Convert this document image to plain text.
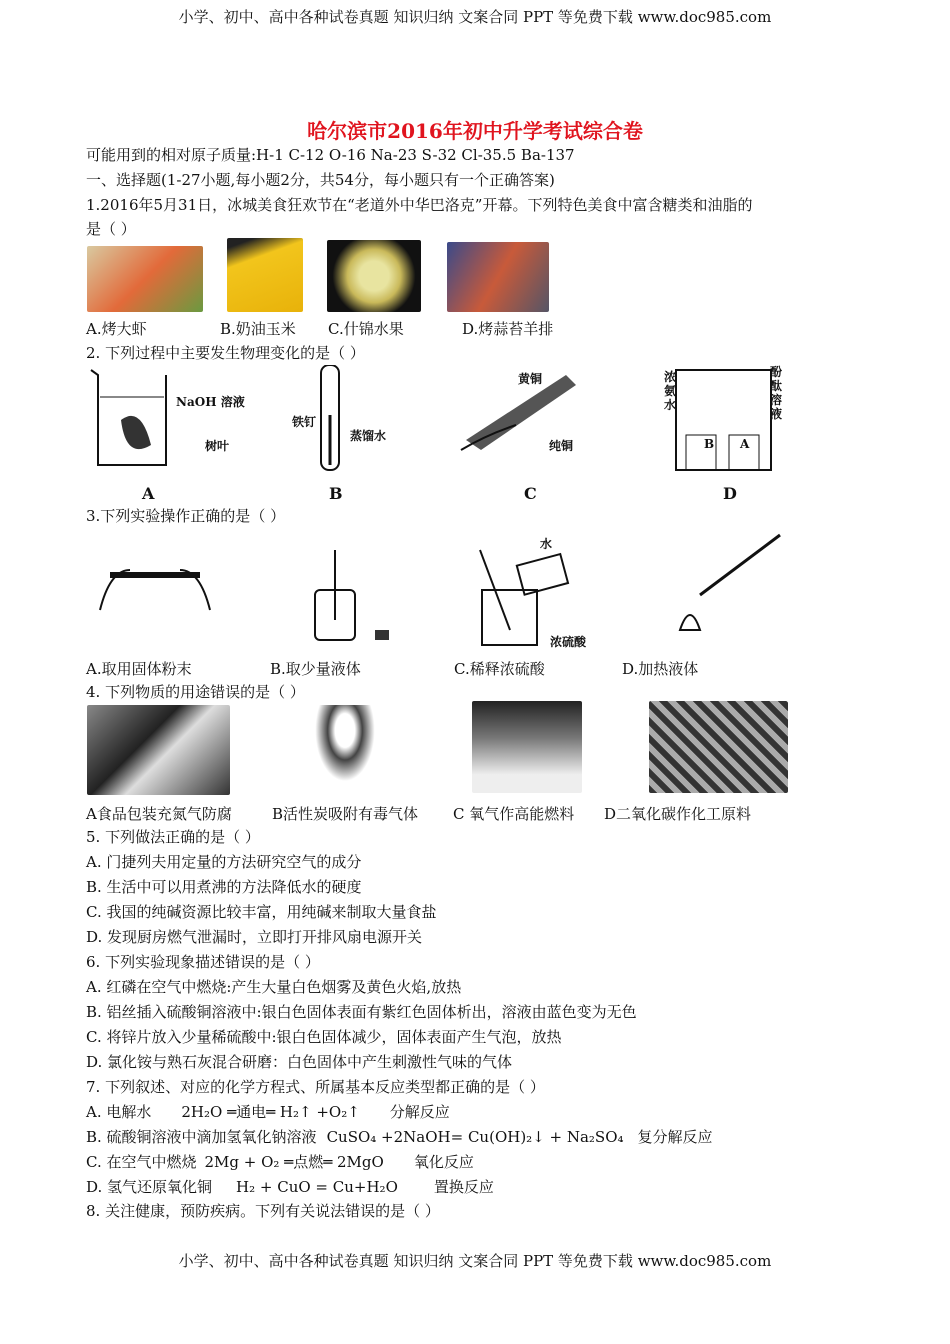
小学、初中、高中各种试卷真题 知识归纳 文案合同 PPT 等免费下载 www.doc985.com
哈尔滨市2016年初中升学考试综合卷
可能用到的相对原子质量:H-1 C-12 O-16 Na-23 S-32 Cl-35.5 Ba-137
一、选择题(1-27小题,每小题2分，共54分，每小题只有一个正确答案)
1.2016年5月31日，冰城美食狂欢节在“老道外中华巴洛克”开幕。下列特色美食中富含糖类和油脂的
是（ ）
A.烤大虾	B.奶油玉米 C.什锦水果	D.烤蒜苔羊排
2. 下列过程中主要发生物理变化的是（ ）
NaOH 溶液
树叶
铁钉
蒸馏水
黄铜
纯铜
浓氨水
酚酞溶液
B A
A	B	C	D
3.下列实验操作正确的是（ ）
水
浓硫酸
A.取用固体粉末	B.取少量液体	C.稀释浓硫酸	D.加热液体
4. 下列物质的用途错误的是（ ）
A食品包装充氮气防腐	B活性炭吸附有毒气体 C 氧气作高能燃料 D二氧化碳作化工原料
5. 下列做法正确的是（ ）
A. 门捷列夫用定量的方法研究空气的成分
B. 生活中可以用煮沸的方法降低水的硬度
C. 我国的纯碱资源比较丰富，用纯碱来制取大量食盐
D. 发现厨房燃气泄漏时，立即打开排风扇电源开关
6. 下列实验现象描述错误的是（ ）
A. 红磷在空气中燃烧:产生大量白色烟雾及黄色火焰,放热
B. 铝丝插入硫酸铜溶液中:银白色固体表面有紫红色固体析出，溶液由蓝色变为无色
C. 将锌片放入少量稀硫酸中:银白色固体减少，固体表面产生气泡，放热
D. 氯化铵与熟石灰混合研磨：白色固体中产生刺激性气味的气体
7. 下列叙述、对应的化学方程式、所属基本反应类型都正确的是（ ）
A. 电解水 2H₂O ═通电═ H₂↑ +O₂↑ 分解反应
B. 硫酸铜溶液中滴加氢氧化钠溶液 CuSO₄ +2NaOH= Cu(OH)₂↓ + Na₂SO₄ 复分解反应
C. 在空气中燃烧 2Mg + O₂ ═点燃═ 2MgO 氧化反应
D. 氢气还原氧化铜 H₂ + CuO = Cu+H₂O 置换反应
8. 关注健康，预防疾病。下列有关说法错误的是（ ）
小学、初中、高中各种试卷真题 知识归纳 文案合同 PPT 等免费下载 www.doc985.com
